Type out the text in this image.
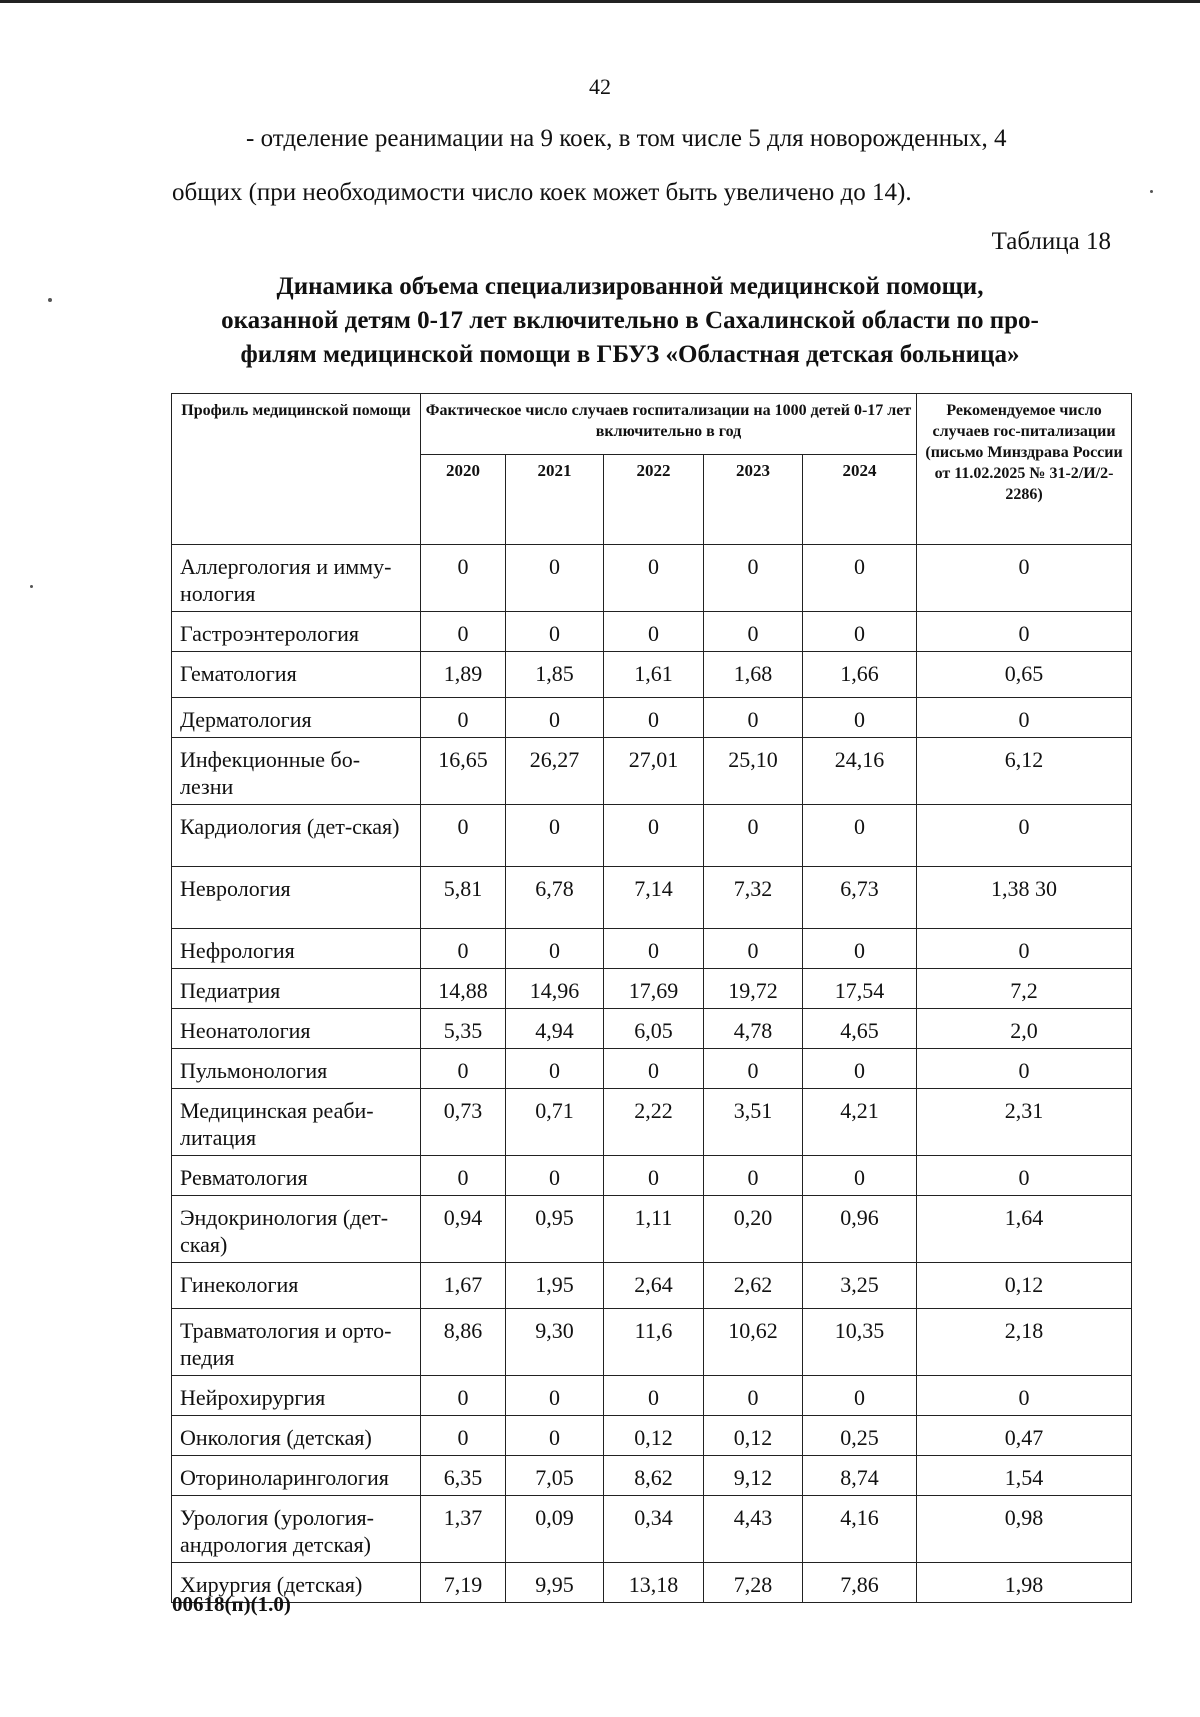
42
- отделение реанимации на 9 коек, в том числе 5 для новорожденных, 4
общих (при необходимости число коек может быть увеличено до 14).
Таблица 18
Динамика объема специализированной медицинской помощи,
оказанной детям 0-17 лет включительно в Сахалинской области по про-
филям медицинской помощи в ГБУЗ «Областная детская больница»
Профиль медицинской помощи	Фактическое число случаев госпитализации на 1000 детей 0-17 лет включительно в год					Рекомендуемое число случаев гос-питализации (письмо Минздрава России от 11.02.2025 № 31-2/И/2-2286)
	2020	2021	2022	2023	2024	
Аллергология и имму-нология	0	0	0	0	0	0
Гастроэнтерология	0	0	0	0	0	0
Гематология	1,89	1,85	1,61	1,68	1,66	0,65
Дерматология	0	0	0	0	0	0
Инфекционные бо-лезни	16,65	26,27	27,01	25,10	24,16	6,12
Кардиология (дет-ская)	0	0	0	0	0	0
Неврология	5,81	6,78	7,14	7,32	6,73	1,38 30
Нефрология	0	0	0	0	0	0
Педиатрия	14,88	14,96	17,69	19,72	17,54	7,2
Неонатология	5,35	4,94	6,05	4,78	4,65	2,0
Пульмонология	0	0	0	0	0	0
Медицинская реаби-литация	0,73	0,71	2,22	3,51	4,21	2,31
Ревматология	0	0	0	0	0	0
Эндокринология (дет-ская)	0,94	0,95	1,11	0,20	0,96	1,64
Гинекология	1,67	1,95	2,64	2,62	3,25	0,12
Травматология и орто-педия	8,86	9,30	11,6	10,62	10,35	2,18
Нейрохирургия	0	0	0	0	0	0
Онкология (детская)	0	0	0,12	0,12	0,25	0,47
Оториноларингология	6,35	7,05	8,62	9,12	8,74	1,54
Урология (урология-андрология детская)	1,37	0,09	0,34	4,43	4,16	0,98
Хирургия (детская)	7,19	9,95	13,18	7,28	7,86	1,98
00618(п)(1.0)
